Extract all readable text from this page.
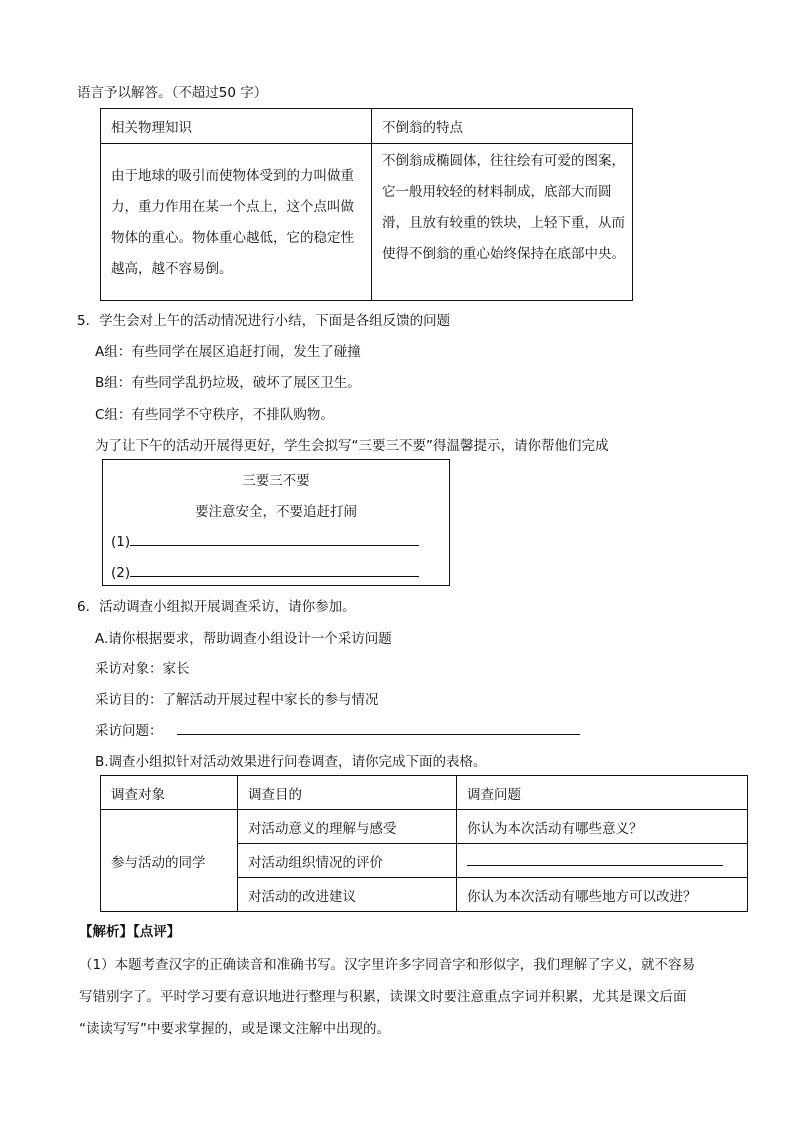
语言予以解答。（不超过50 字）
相关物理知识	不倒翁的特点

由于地球的吸引而使物体受到的力叫做重力，重力作用在某一个点上，这个点叫做物体的重心。物体重心越低，它的稳定性越高，越不容易倒。	不倒翁成椭圆体，往往绘有可爱的图案，它一般用较轻的材料制成，底部大而圆滑，且放有较重的铁块，上轻下重，从而使得不倒翁的重心始终保持在底部中央。
5．学生会对上午的活动情况进行小结，下面是各组反馈的问题
A组：有些同学在展区追赶打闹，发生了碰撞
B组：有些同学乱扔垃圾，破坏了展区卫生。
C组：有些同学不守秩序，不排队购物。
为了让下午的活动开展得更好，学生会拟写“三要三不要”得温馨提示，请你帮他们完成
三要三不要
要注意安全，不要追赶打闹
(1)
(2)
6．活动调查小组拟开展调查采访，请你参加。
A.请你根据要求，帮助调查小组设计一个采访问题
采访对象：家长
采访目的：了解活动开展过程中家长的参与情况
采访问题：
B.调查小组拟针对活动效果进行问卷调查，请你完成下面的表格。
调查对象	调查目的	调查问题
参与活动的同学	对活动意义的理解与感受	你认为本次活动有哪些意义？
	对活动组织情况的评价	
	对活动的改进建议	你认为本次活动有哪些地方可以改进？
【解析】【点评】
（1）本题考查汉字的正确读音和准确书写。汉字里许多字同音字和形似字，我们理解了字义，就不容易
写错别字了。平时学习要有意识地进行整理与积累，读课文时要注意重点字词并积累，尤其是课文后面
“读读写写”中要求掌握的，或是课文注解中出现的。
